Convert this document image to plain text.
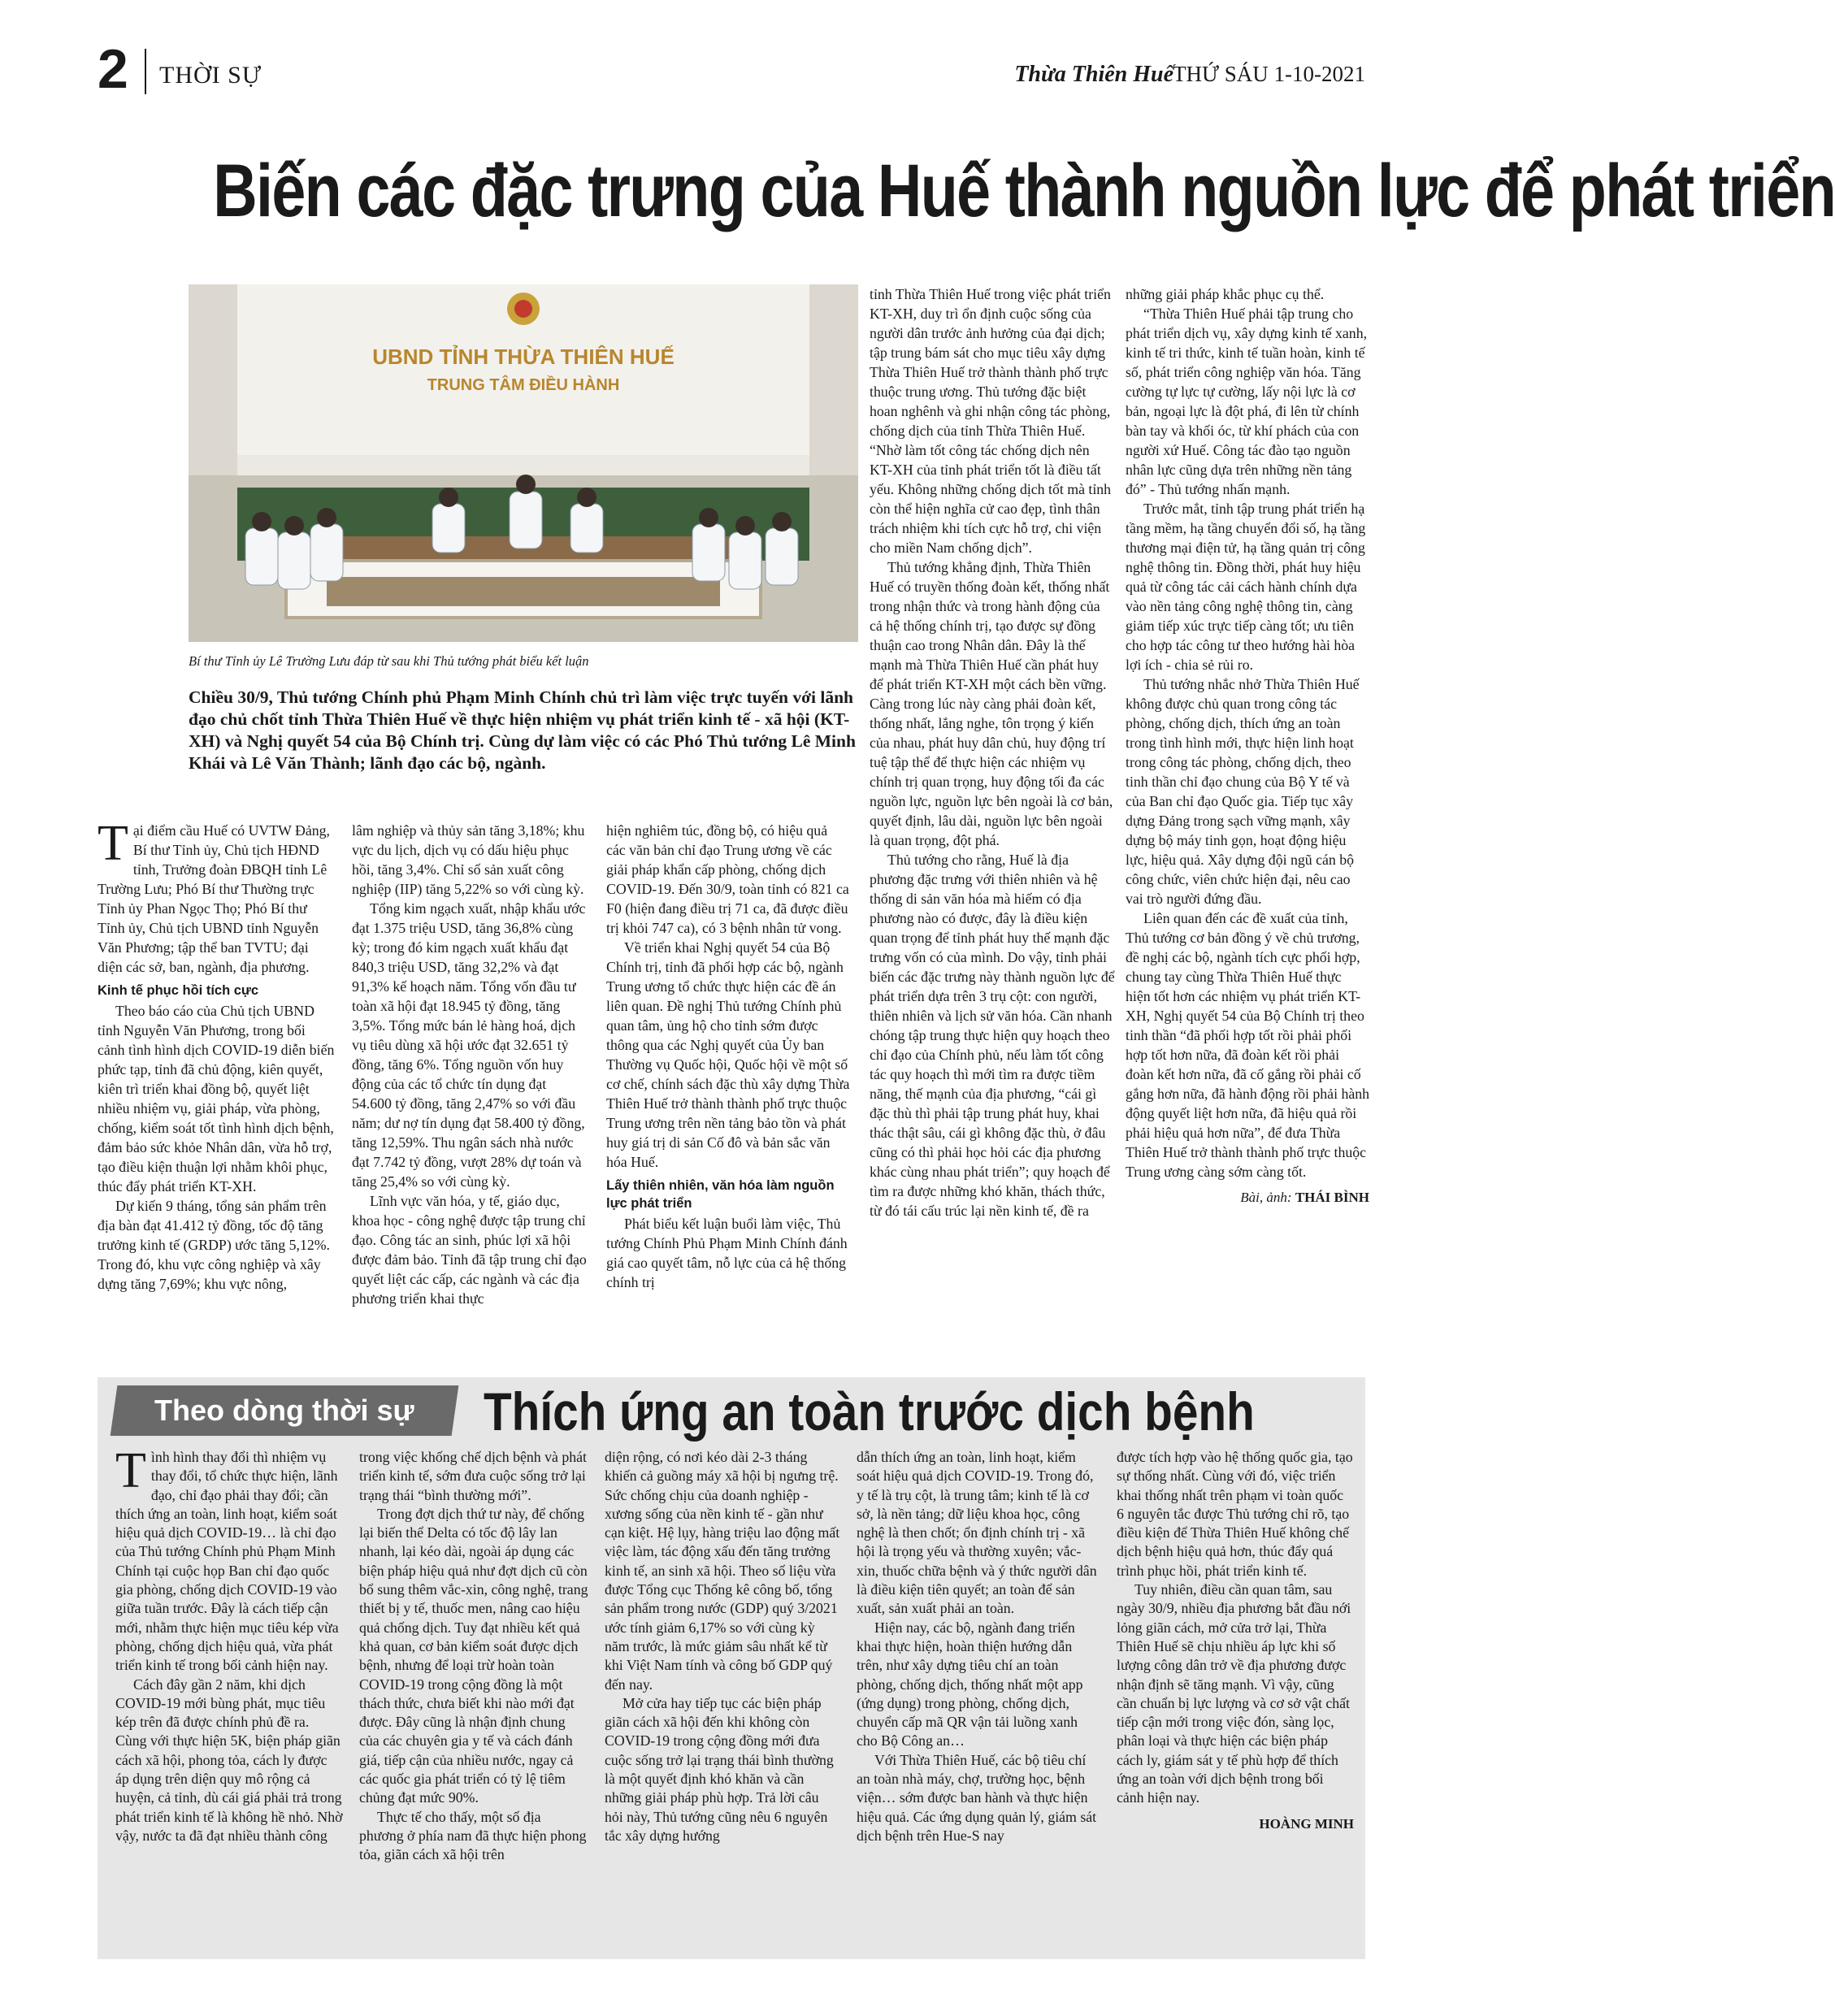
2 THỜI SỰ	Thừa Thiên Huế THỨ SÁU 1-10-2021
Biến các đặc trưng của Huế thành nguồn lực để phát triển
UBND TỈNH THỪA THIÊN HUẾ
TRUNG TÂM ĐIỀU HÀNH
Bí thư Tỉnh ủy Lê Trường Lưu đáp từ sau khi Thủ tướng phát biểu kết luận
Chiều 30/9, Thủ tướng Chính phủ Phạm Minh Chính chủ trì làm việc trực tuyến với lãnh đạo chủ chốt tỉnh Thừa Thiên Huế về thực hiện nhiệm vụ phát triển kinh tế - xã hội (KT-XH) và Nghị quyết 54 của Bộ Chính trị. Cùng dự làm việc có các Phó Thủ tướng Lê Minh Khái và Lê Văn Thành; lãnh đạo các bộ, ngành.

Tại điểm cầu Huế có UVTW Đảng, Bí thư Tỉnh ủy, Chủ tịch HĐND tỉnh, Trưởng đoàn ĐBQH tỉnh Lê Trường Lưu; Phó Bí thư Thường trực Tỉnh ủy Phan Ngọc Thọ; Phó Bí thư Tỉnh ủy, Chủ tịch UBND tỉnh Nguyễn Văn Phương; tập thể ban TVTU; đại diện các sở, ban, ngành, địa phương.

Kinh tế phục hồi tích cực

Theo báo cáo của Chủ tịch UBND tỉnh Nguyễn Văn Phương, trong bối cảnh tình hình dịch COVID-19 diễn biến phức tạp, tỉnh đã chủ động, kiên quyết, kiên trì triển khai đồng bộ, quyết liệt nhiều nhiệm vụ, giải pháp, vừa phòng, chống, kiểm soát tốt tình hình dịch bệnh, đảm bảo sức khỏe Nhân dân, vừa hỗ trợ, tạo điều kiện thuận lợi nhằm khôi phục, thúc đẩy phát triển KT-XH.

Dự kiến 9 tháng, tổng sản phẩm trên địa bàn đạt 41.412 tỷ đồng, tốc độ tăng trưởng kinh tế (GRDP) ước tăng 5,12%. Trong đó, khu vực công nghiệp và xây dựng tăng 7,69%; khu vực nông,

lâm nghiệp và thủy sản tăng 3,18%; khu vực du lịch, dịch vụ có dấu hiệu phục hồi, tăng 3,4%. Chỉ số sản xuất công nghiệp (IIP) tăng 5,22% so với cùng kỳ.

Tổng kim ngạch xuất, nhập khẩu ước đạt 1.375 triệu USD, tăng 36,8% cùng kỳ; trong đó kim ngạch xuất khẩu đạt 840,3 triệu USD, tăng 32,2% và đạt 91,3% kế hoạch năm. Tổng vốn đầu tư toàn xã hội đạt 18.945 tỷ đồng, tăng 3,5%. Tổng mức bán lẻ hàng hoá, dịch vụ tiêu dùng xã hội ước đạt 32.651 tỷ đồng, tăng 6%. Tổng nguồn vốn huy động của các tổ chức tín dụng đạt 54.600 tỷ đồng, tăng 2,47% so với đầu năm; dư nợ tín dụng đạt 58.400 tỷ đồng, tăng 12,59%. Thu ngân sách nhà nước đạt 7.742 tỷ đồng, vượt 28% dự toán và tăng 25,4% so với cùng kỳ.

Lĩnh vực văn hóa, y tế, giáo dục, khoa học - công nghệ được tập trung chỉ đạo. Công tác an sinh, phúc lợi xã hội được đảm bảo. Tỉnh đã tập trung chỉ đạo quyết liệt các cấp, các ngành và các địa phương triển khai thực

hiện nghiêm túc, đồng bộ, có hiệu quả các văn bản chỉ đạo Trung ương về các giải pháp khẩn cấp phòng, chống dịch COVID-19. Đến 30/9, toàn tỉnh có 821 ca F0 (hiện đang điều trị 71 ca, đã được điều trị khỏi 747 ca), có 3 bệnh nhân tử vong.

Về triển khai Nghị quyết 54 của Bộ Chính trị, tỉnh đã phối hợp các bộ, ngành Trung ương tổ chức thực hiện các đề án liên quan. Đề nghị Thủ tướng Chính phủ quan tâm, ủng hộ cho tỉnh sớm được thông qua các Nghị quyết của Ủy ban Thường vụ Quốc hội, Quốc hội về một số cơ chế, chính sách đặc thù xây dựng Thừa Thiên Huế trở thành thành phố trực thuộc Trung ương trên nền tảng bảo tồn và phát huy giá trị di sản Cố đô và bản sắc văn hóa Huế.

Lấy thiên nhiên, văn hóa làm nguồn lực phát triển

Phát biểu kết luận buổi làm việc, Thủ tướng Chính Phủ Phạm Minh Chính đánh giá cao quyết tâm, nỗ lực của cả hệ thống chính trị

tỉnh Thừa Thiên Huế trong việc phát triển KT-XH, duy trì ổn định cuộc sống của người dân trước ảnh hưởng của đại dịch; tập trung bám sát cho mục tiêu xây dựng Thừa Thiên Huế trở thành thành phố trực thuộc trung ương. Thủ tướng đặc biệt hoan nghênh và ghi nhận công tác phòng, chống dịch của tỉnh Thừa Thiên Huế. “Nhờ làm tốt công tác chống dịch nên KT-XH của tỉnh phát triển tốt là điều tất yếu. Không những chống dịch tốt mà tỉnh còn thể hiện nghĩa cử cao đẹp, tình thân trách nhiệm khi tích cực hỗ trợ, chi viện cho miền Nam chống dịch”.

Thủ tướng khẳng định, Thừa Thiên Huế có truyền thống đoàn kết, thống nhất trong nhận thức và trong hành động của cả hệ thống chính trị, tạo được sự đồng thuận cao trong Nhân dân. Đây là thế mạnh mà Thừa Thiên Huế cần phát huy để phát triển KT-XH một cách bền vững. Càng trong lúc này càng phải đoàn kết, thống nhất, lắng nghe, tôn trọng ý kiến của nhau, phát huy dân chủ, huy động trí tuệ tập thể để thực hiện các nhiệm vụ chính trị quan trọng, huy động tối đa các nguồn lực, nguồn lực bên ngoài là cơ bản, quyết định, lâu dài, nguồn lực bên ngoài là quan trọng, đột phá.

Thủ tướng cho rằng, Huế là địa phương đặc trưng với thiên nhiên và hệ thống di sản văn hóa mà hiếm có địa phương nào có được, đây là điều kiện quan trọng để tỉnh phát huy thế mạnh đặc trưng vốn có của mình. Do vậy, tỉnh phải biến các đặc trưng này thành nguồn lực để phát triển dựa trên 3 trụ cột: con người, thiên nhiên và lịch sử văn hóa. Cần nhanh chóng tập trung thực hiện quy hoạch theo chỉ đạo của Chính phủ, nếu làm tốt công tác quy hoạch thì mới tìm ra được tiềm năng, thế mạnh của địa phương, “cái gì đặc thù thì phải tập trung phát huy, khai thác thật sâu, cái gì không đặc thù, ở đâu cũng có thì phải học hỏi các địa phương khác cùng nhau phát triển”; quy hoạch để tìm ra được những khó khăn, thách thức, từ đó tái cấu trúc lại nền kinh tế, đề ra

những giải pháp khắc phục cụ thể.

“Thừa Thiên Huế phải tập trung cho phát triển dịch vụ, xây dựng kinh tế xanh, kinh tế tri thức, kinh tế tuần hoàn, kinh tế số, phát triển công nghiệp văn hóa. Tăng cường tự lực tự cường, lấy nội lực là cơ bản, ngoại lực là đột phá, đi lên từ chính bàn tay và khối óc, từ khí phách của con người xứ Huế. Công tác đào tạo nguồn nhân lực cũng dựa trên những nền tảng đó” - Thủ tướng nhấn mạnh.

Trước mắt, tỉnh tập trung phát triển hạ tầng mềm, hạ tầng chuyển đổi số, hạ tầng thương mại điện tử, hạ tầng quản trị công nghệ thông tin. Đồng thời, phát huy hiệu quả từ công tác cải cách hành chính dựa vào nền tảng công nghệ thông tin, càng giảm tiếp xúc trực tiếp càng tốt; ưu tiên cho hợp tác công tư theo hướng hài hòa lợi ích - chia sẻ rủi ro.

Thủ tướng nhắc nhở Thừa Thiên Huế không được chủ quan trong công tác phòng, chống dịch, thích ứng an toàn trong tình hình mới, thực hiện linh hoạt trong công tác phòng, chống dịch, theo tinh thần chỉ đạo chung của Bộ Y tế và của Ban chỉ đạo Quốc gia. Tiếp tục xây dựng Đảng trong sạch vững mạnh, xây dựng bộ máy tinh gọn, hoạt động hiệu lực, hiệu quả. Xây dựng đội ngũ cán bộ công chức, viên chức hiện đại, nêu cao vai trò người đứng đầu.

Liên quan đến các đề xuất của tỉnh, Thủ tướng cơ bản đồng ý về chủ trương, đề nghị các bộ, ngành tích cực phối hợp, chung tay cùng Thừa Thiên Huế thực hiện tốt hơn các nhiệm vụ phát triển KT-XH, Nghị quyết 54 của Bộ Chính trị theo tinh thần “đã phối hợp tốt rồi phải phối hợp tốt hơn nữa, đã đoàn kết rồi phải đoàn kết hơn nữa, đã cố gắng rồi phải cố gắng hơn nữa, đã hành động rồi phải hành động quyết liệt hơn nữa, đã hiệu quả rồi phải hiệu quả hơn nữa”, để đưa Thừa Thiên Huế trở thành thành phố trực thuộc Trung ương càng sớm càng tốt.

Bài, ảnh: THÁI BÌNH
Theo dòng thời sự	Thích ứng an toàn trước dịch bệnh

Tình hình thay đổi thì nhiệm vụ thay đổi, tổ chức thực hiện, lãnh đạo, chỉ đạo phải thay đổi; cần thích ứng an toàn, linh hoạt, kiểm soát hiệu quả dịch COVID-19… là chỉ đạo của Thủ tướng Chính phủ Phạm Minh Chính tại cuộc họp Ban chỉ đạo quốc gia phòng, chống dịch COVID-19 vào giữa tuần trước. Đây là cách tiếp cận mới, nhằm thực hiện mục tiêu kép vừa phòng, chống dịch hiệu quả, vừa phát triển kinh tế trong bối cảnh hiện nay.

Cách đây gần 2 năm, khi dịch COVID-19 mới bùng phát, mục tiêu kép trên đã được chính phủ đề ra. Cùng với thực hiện 5K, biện pháp giãn cách xã hội, phong tỏa, cách ly được áp dụng trên diện quy mô rộng cả huyện, cả tỉnh, dù cái giá phải trả trong phát triển kinh tế là không hề nhỏ. Nhờ vậy, nước ta đã đạt nhiều thành công

trong việc khống chế dịch bệnh và phát triển kinh tế, sớm đưa cuộc sống trở lại trạng thái “bình thường mới”.

Trong đợt dịch thứ tư này, để chống lại biến thể Delta có tốc độ lây lan nhanh, lại kéo dài, ngoài áp dụng các biện pháp hiệu quả như đợt dịch cũ còn bổ sung thêm vắc-xin, công nghệ, trang thiết bị y tế, thuốc men, nâng cao hiệu quả chống dịch. Tuy đạt nhiều kết quả khả quan, cơ bản kiểm soát được dịch bệnh, nhưng để loại trừ hoàn toàn COVID-19 trong cộng đồng là một thách thức, chưa biết khi nào mới đạt được. Đây cũng là nhận định chung của các chuyên gia y tế và cách đánh giá, tiếp cận của nhiều nước, ngay cả các quốc gia phát triển có tỷ lệ tiêm chủng đạt mức 90%.

Thực tế cho thấy, một số địa phương ở phía nam đã thực hiện phong tỏa, giãn cách xã hội trên

diện rộng, có nơi kéo dài 2-3 tháng khiến cả guồng máy xã hội bị ngưng trệ. Sức chống chịu của doanh nghiệp - xương sống của nền kinh tế - gần như cạn kiệt. Hệ lụy, hàng triệu lao động mất việc làm, tác động xấu đến tăng trưởng kinh tế, an sinh xã hội. Theo số liệu vừa được Tổng cục Thống kê công bố, tổng sản phẩm trong nước (GDP) quý 3/2021 ước tính giảm 6,17% so với cùng kỳ năm trước, là mức giảm sâu nhất kể từ khi Việt Nam tính và công bố GDP quý đến nay.

Mở cửa hay tiếp tục các biện pháp giãn cách xã hội đến khi không còn COVID-19 trong cộng đồng mới đưa cuộc sống trở lại trạng thái bình thường là một quyết định khó khăn và cần những giải pháp phù hợp. Trả lời câu hỏi này, Thủ tướng cũng nêu 6 nguyên tắc xây dựng hướng

dẫn thích ứng an toàn, linh hoạt, kiểm soát hiệu quả dịch COVID-19. Trong đó, y tế là trụ cột, là trung tâm; kinh tế là cơ sở, là nền tảng; dữ liệu khoa học, công nghệ là then chốt; ổn định chính trị - xã hội là trọng yếu và thường xuyên; vắc-xin, thuốc chữa bệnh và ý thức người dân là điều kiện tiên quyết; an toàn để sản xuất, sản xuất phải an toàn.

Hiện nay, các bộ, ngành đang triển khai thực hiện, hoàn thiện hướng dẫn trên, như xây dựng tiêu chí an toàn phòng, chống dịch, thống nhất một app (ứng dụng) trong phòng, chống dịch, chuyển cấp mã QR vận tải luồng xanh cho Bộ Công an…

Với Thừa Thiên Huế, các bộ tiêu chí an toàn nhà máy, chợ, trường học, bệnh viện… sớm được ban hành và thực hiện hiệu quả. Các ứng dụng quản lý, giám sát dịch bệnh trên Hue-S nay

được tích hợp vào hệ thống quốc gia, tạo sự thống nhất. Cùng với đó, việc triển khai thống nhất trên phạm vi toàn quốc 6 nguyên tắc được Thủ tướng chỉ rõ, tạo điều kiện để Thừa Thiên Huế không chế dịch bệnh hiệu quả hơn, thúc đẩy quá trình phục hồi, phát triển kinh tế.

Tuy nhiên, điều cần quan tâm, sau ngày 30/9, nhiều địa phương bắt đầu nới lỏng giãn cách, mở cửa trở lại, Thừa Thiên Huế sẽ chịu nhiều áp lực khi số lượng công dân trở về địa phương được nhận định sẽ tăng mạnh. Vì vậy, cũng cần chuẩn bị lực lượng và cơ sở vật chất tiếp cận mới trong việc đón, sàng lọc, phân loại và thực hiện các biện pháp cách ly, giám sát y tế phù hợp để thích ứng an toàn với dịch bệnh trong bối cảnh hiện nay.

HOÀNG MINH
